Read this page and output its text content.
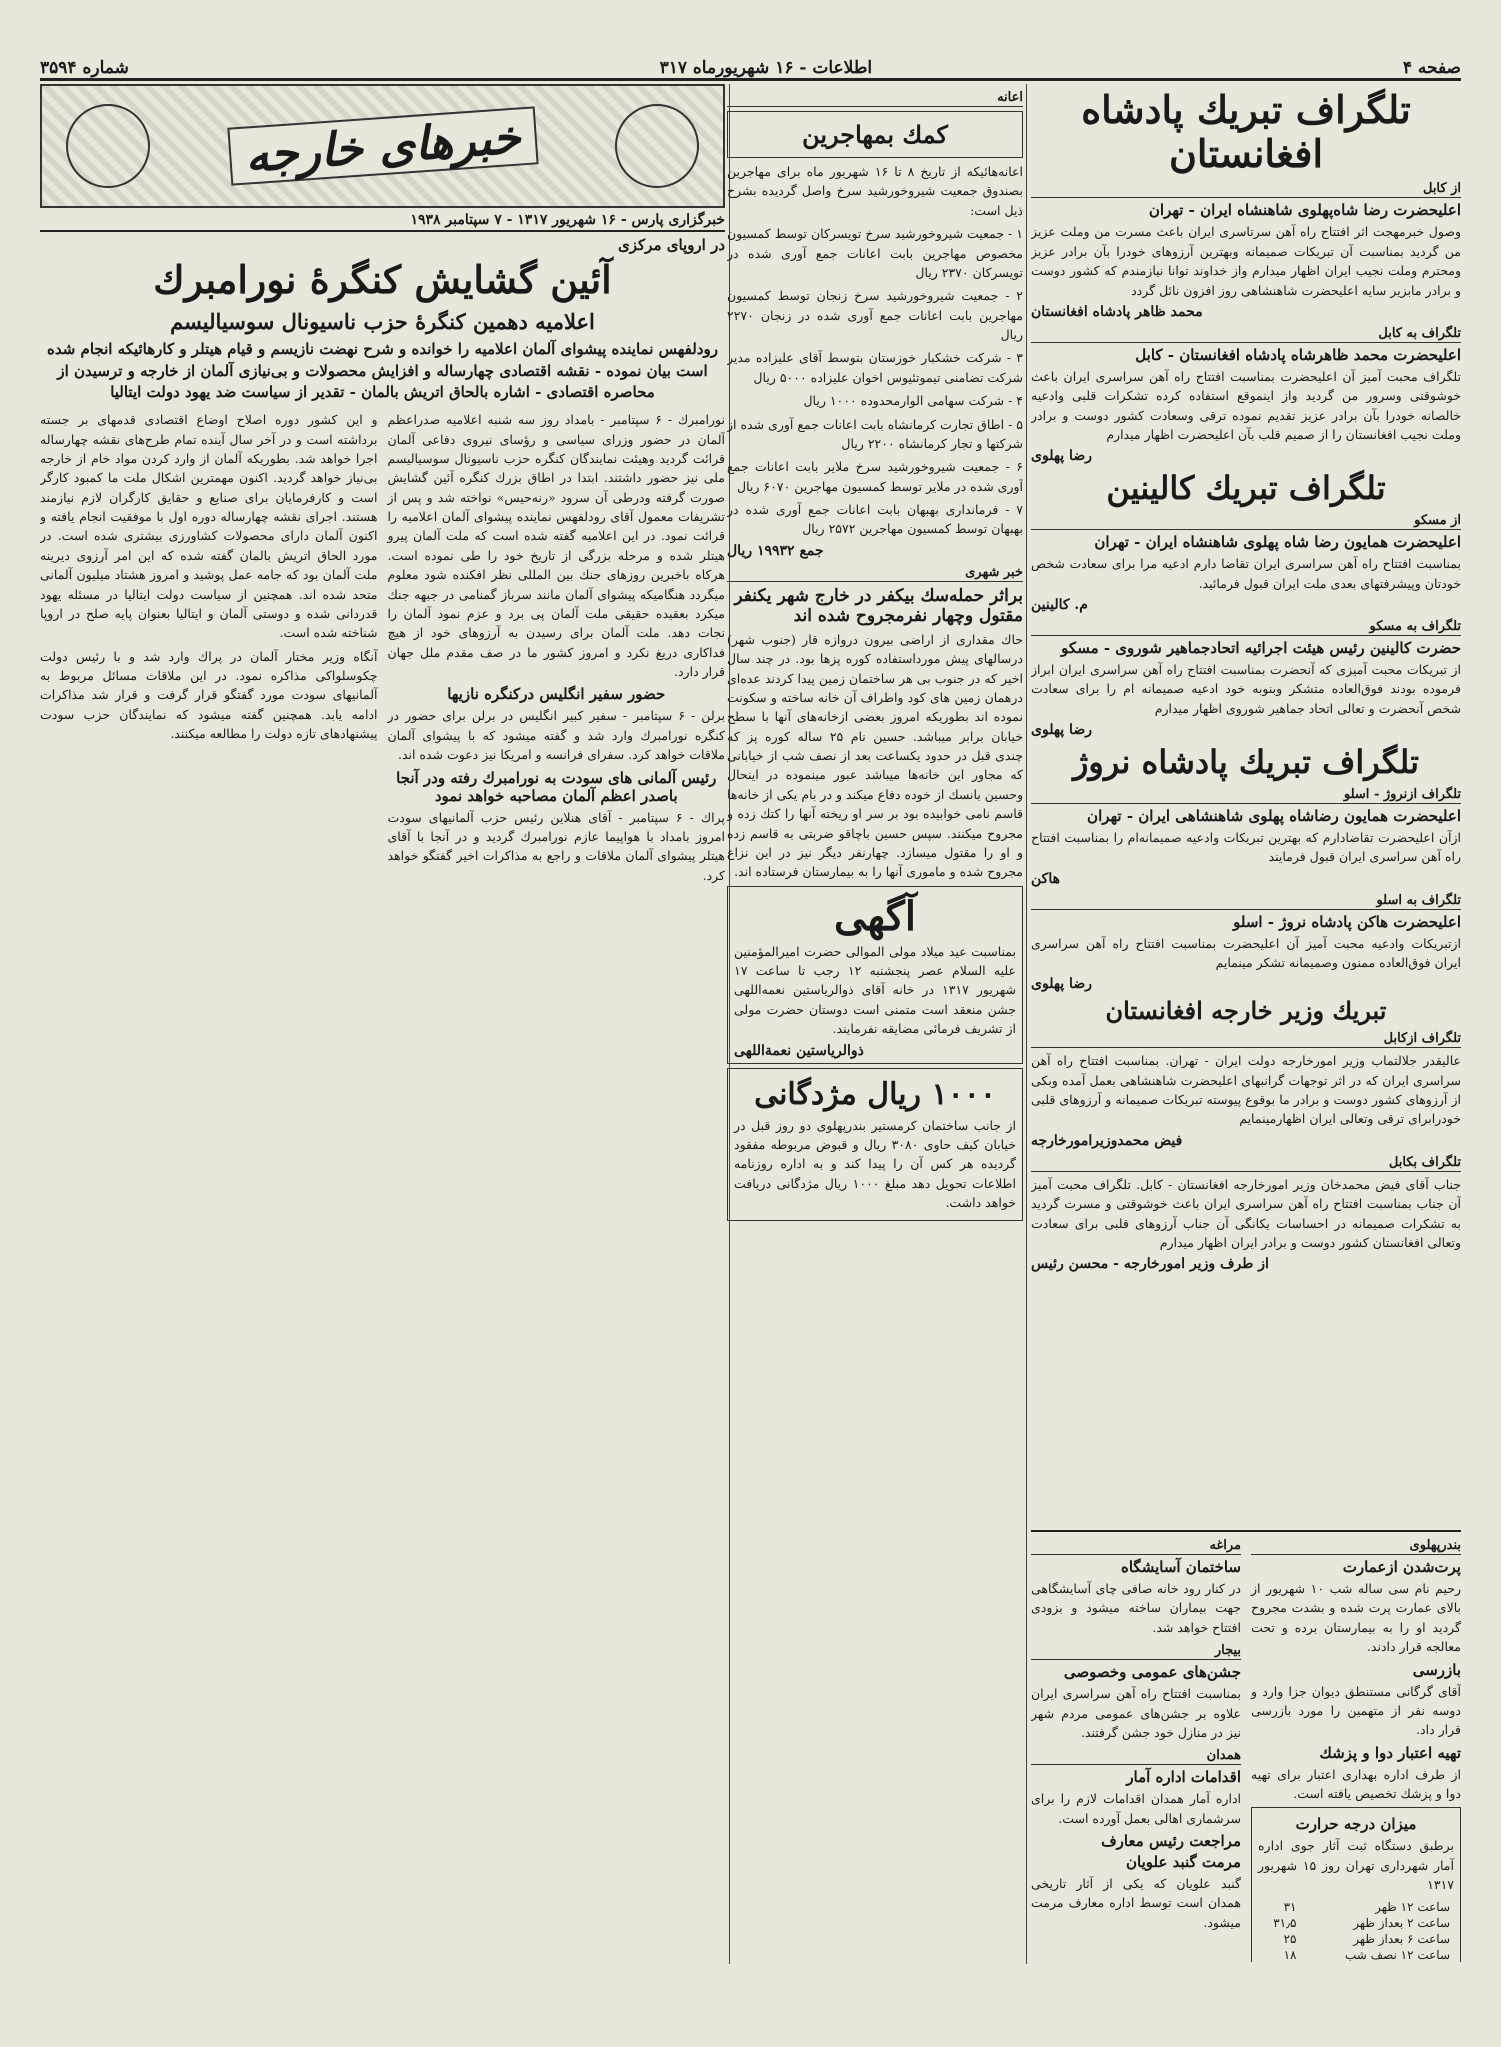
صفحه ۴
اطلاعات - ۱۶ شهریورماه ۳۱۷
شماره ۳۵۹۴
تلگراف تبریك پادشاه افغانستان
از کابل
اعلیحضرت رضا شاه‌پهلوی شاهنشاه ایران - تهران

وصول خبرمهجت اثر افتتاح راه آهن سرتاسری ایران باعث مسرت من وملت عزیز من گردید بمناسبت آن تبریکات صمیمانه وبهترین آرزوهای خودرا بآن برادر عزیز ومحترم وملت نجیب ایران اظهار میدارم واز خداوند توانا نیازمندم که کشور دوست و برادر مابزیر سایه اعلیحضرت شاهنشاهی روز افزون نائل گردد

محمد ظاهر پادشاه افغانستان
تلگراف به کابل
اعلیحضرت محمد ظاهرشاه پادشاه افغانستان - کابل

تلگراف محبت آمیز آن اعلیحضرت بمناسبت افتتاح راه آهن سراسری ایران باعث خوشوقتی وسرور من گردید واز اینموقع استفاده کرده تشکرات قلبی وادعیه خالصانه خودرا بآن برادر عزیز تقدیم نموده ترقی وسعادت کشور دوست و برادر وملت نجیب افغانستان را از صمیم قلب بآن اعلیحضرت اظهار میدارم

رضا پهلوی
تلگراف تبریك کالینین
از مسکو
اعلیحضرت همایون رضا شاه پهلوی شاهنشاه ایران - تهران

بمناسبت افتتاح راه آهن سراسری ایران تقاضا دارم ادعیه مرا برای سعادت شخص خودتان وپیشرفتهای بعدی ملت ایران قبول فرمائید.

م. کالینین
تلگراف به مسکو
حضرت کالینین رئیس هیئت اجرائیه اتحادجماهیر شوروی - مسکو

از تبریکات محبت آمیزی که آنحضرت بمناسبت افتتاح راه آهن سراسری ایران ابراز فرموده بودند فوق‌العاده متشکر وبنوبه خود ادعیه صمیمانه ام را برای سعادت شخص آنحضرت و تعالی اتحاد جماهیر شوروی اظهار میدارم

رضا پهلوی
تلگراف تبریك پادشاه نروژ
تلگراف ازنروژ - اسلو
اعلیحضرت همایون رضاشاه پهلوی شاهنشاهی ایران - تهران

ازآن اعلیحضرت تقاضادارم که بهترین تبریکات وادعیه صمیمانه‌ام را بمناسبت افتتاح راه آهن سراسری ایران قبول فرمایند

هاکن
تلگراف به اسلو
اعلیحضرت هاکن پادشاه نروژ - اسلو

ازتبریکات وادعیه محبت آمیز آن اعلیحضرت بمناسبت افتتاح راه آهن سراسری ایران فوق‌العاده ممنون وصمیمانه تشکر مینمایم

رضا پهلوی
تبریك وزیر خارجه افغانستان
تلگراف ازکابل

عالیقدر جلالتماب وزیر امورخارجه دولت ایران - تهران. بمناسبت افتتاح راه آهن سراسری ایران که در اثر توجهات گرانبهای اعلیحضرت شاهنشاهی بعمل آمده وبکی از آرزوهای کشور دوست و برادر ما بوقوع پیوسته تبریکات صمیمانه و آرزوهای قلبی خودرابرای ترقی وتعالی ایران اظهارمینمایم

فیض محمدوزیرامورخارجه
تلگراف بکابل

جناب آقای فیض محمدخان وزیر امورخارجه افغانستان - کابل. تلگراف محبت آمیز آن جناب بمناسبت افتتاح راه آهن سراسری ایران باعث خوشوقتی و مسرت گردید به تشکرات صمیمانه در احساسات یکانگی آن جناب آرزوهای قلبی برای سعادت وتعالی افغانستان کشور دوست و برادر ایران اظهار میدارم

از طرف وزیر امورخارجه - محسن رئیس
بندرپهلوی
پرت‌شدن ازعمارت

رحیم نام سی ساله شب ۱۰ شهریور از بالای عمارت پرت شده و بشدت مجروح گردید او را به بیمارستان برده و تحت معالجه قرار دادند.

بازرسی

آقای گرگانی مستنطق دیوان جزا وارد و دوسه نفر از متهمین را مورد بازرسی قرار داد.

تهیه اعتبار دوا و پزشك

از طرف اداره بهداری اعتبار برای تهیه دوا و پزشك تخصیص یافته است.

میزان درجه حرارت

برطبق دستگاه ثبت آثار جوی اداره آمار شهرداری تهران روز ۱۵ شهریور ۱۳۱۷

ساعت ۱۲ ظهر	۳۱
ساعت ۲ بعداز ظهر	۳۱٫۵
ساعت ۶ بعداز ظهر	۲۵
ساعت ۱۲ نصف شب	۱۸
مراغه
ساختمان آسایشگاه

در کنار رود خانه صافی چای آسایشگاهی جهت بیماران ساخته میشود و بزودی افتتاح خواهد شد.

بیجار
جشن‌های عمومی وخصوصی

بمناسبت افتتاح راه آهن سراسری ایران علاوه بر جشن‌های عمومی مردم شهر نیز در منازل خود جشن گرفتند.

همدان
اقدامات اداره آمار

اداره آمار همدان اقدامات لازم را برای سرشماری اهالی بعمل آورده است.

مراجعت رئیس معارف
مرمت گنبد علویان

گنبد علویان که یکی از آثار تاریخی همدان است توسط اداره معارف مرمت میشود.

اعانه
کمك بمهاجرین

اعانه‌هائیکه از تاریخ ۸ تا ۱۶ شهریور ماه برای مهاجرین بصندوق جمعیت شیروخورشید سرخ واصل گردیده بشرح ذیل است:

۱ - جمعیت شیروخورشید سرخ تویسرکان توسط کمسیون مخصوص مهاجرین بابت اعانات جمع آوری شده در تویسرکان ۲۳۷۰ ریال

۲ - جمعیت شیروخورشید سرخ زنجان توسط کمسیون مهاجرین بابت اعانات جمع آوری شده در زنجان ۲۲۷۰ ریال

۳ - شرکت خشکبار خوزستان بتوسط آقای علیزاده مدیر شرکت تضامنی تیموتئیوس اخوان علیزاده ۵۰۰۰ ریال

۴ - شرکت سهامی الوارمحدوده ۱۰۰۰ ریال

۵ - اطاق تجارت کرمانشاه بابت اعانات جمع آوری شده از شرکتها و تجار کرمانشاه ۲۲۰۰ ریال

۶ - جمعیت شیروخورشید سرخ ملایر بابت اعانات جمع آوری شده در ملایر توسط کمسیون مهاجرین ۶۰۷۰ ریال

۷ - فرمانداری بهبهان بابت اعانات جمع آوری شده در بهبهان توسط کمسیون مهاجرین ۲۵۷۲ ریال

جمع ۱۹۹۳۲ ریال
خبر شهری
براثر حمله‌سك بیكفر در خارج شهر یکنفر مقتول وچهار نفرمجروح شده اند

حاك مقداری از اراضی بیرون دروازه قار (جنوب شهر) درسالهای پیش مورداستفاده کوره پزها بود. در چند سال اخیر که در جنوب بی هر ساختمان زمین پیدا کردند عده‌ای درهمان زمین های کود واطراف آن خانه ساخته و سکونت نموده اند بطوریکه امروز بعضی ازخانه‌های آنها با سطح خیابان برابر میباشد. حسین نام ۲۵ ساله کوره پز که چندی قبل در حدود یکساعت بعد از نصف شب از خیابانی که مجاور این خانه‌ها میباشد عبور مینموده در اینحال وحسین بانسك از خوده دفاع میکند و در بام یکی از خانه‌ها قاسم نامی خوابیده بود بر سر او ریخته آنها را کتك زده و مجروح میکنند. سپس حسین باچاقو ضربتی به قاسم زده و او را مقتول میسازد. چهارنفر دیگر نیز در این نزاع مجروح شده و ماموری آنها را به بیمارستان فرستاده اند.

آگهی

بمناسبت عید میلاد مولی الموالی حضرت امیرالمؤمنین علیه السلام عصر پنجشنبه ۱۲ رجب تا ساعت ۱۷ شهریور ۱۳۱۷ در خانه آقای ذوالریاستین نعمه‌اللهی جشن منعقد است متمنی است دوستان حضرت مولی از تشریف فرمائی مضایقه نفرمایند.

ذوالریاستین نعمة‌اللهی
۱۰۰۰ ریال مژدگانی

از جانب ساختمان کرمستیر بندرپهلوی دو روز قبل در خیابان کیف حاوی ۳۰۸۰ ریال و قبوض مربوطه مفقود گردیده هر کس آن را پیدا کند و به اداره روزنامه اطلاعات تحویل دهد مبلغ ۱۰۰۰ ریال مژدگانی دریافت خواهد داشت.

خبرهای خارجه
خبرگزاری پارس - ۱۶ شهریور ۱۳۱۷ - ۷ سپتامبر ۱۹۳۸
در اروپای مرکزی
آئین گشایش کنگرهٔ نورامبرك
اعلامیه دهمین کنگرهٔ حزب ناسیونال سوسیالیسم
رودلفهس نماینده پیشوای آلمان اعلامیه را خوانده و شرح نهضت نازیسم و قیام هیتلر و کارهائیکه انجام شده است بیان نموده - نقشه اقتصادی چهارساله و افزایش محصولات و بی‌نیازی آلمان از خارجه و ترسیدن از محاصره اقتصادی - اشاره بالحاق اتریش بالمان - تقدیر از سیاست ضد یهود دولت ایتالیا

نورامبرك - ۶ سپتامبر - بامداد روز سه شنبه اعلامیه صدراعظم آلمان در حضور وزرای سیاسی و رؤسای نیروی دفاعی آلمان قرائت گردید وهیئت نمایندگان کنگره حزب ناسیونال سوسیالیسم ملی نیز حضور داشتند. ابتدا در اطاق بزرك کنگره آئین گشایش صورت گرفته ودرطی آن سرود «رنه‌حیس» نواخته شد و پس از تشریفات معمول آقای رودلفهس نماینده پیشوای آلمان اعلامیه را قرائت نمود. در این اعلامیه گفته شده است که ملت آلمان پیرو هیتلر شده و مرحله بزرگی از تاریخ خود را طی نموده است. هرکاه باخبرین روزهای جنك بین المللی نظر افکنده شود معلوم میگردد هنگامیکه پیشوای آلمان مانند سرباز گمنامی در جبهه جنك میکرد بعقیده حقیقی ملت آلمان پی برد و عزم نمود آلمان را نجات دهد. ملت آلمان برای رسیدن به آرزوهای خود از هیچ فداکاری دریغ نکرد و امروز کشور ما در صف مقدم ملل جهان قرار دارد.

حضور سفیر انگلیس درکنگره نازیها

برلن - ۶ سپتامبر - سفیر کبیر انگلیس در برلن برای حضور در کنگره نورامبرك وارد شد و گفته میشود که با پیشوای آلمان ملاقات خواهد کرد. سفرای فرانسه و امریکا نیز دعوت شده اند.

رئیس آلمانی های سودت به نورامبرك رفته ودر آنجا باصدر اعظم آلمان مصاحبه خواهد نمود

پراك - ۶ سپتامبر - آقای هنلاین رئیس حزب آلمانیهای سودت امروز بامداد با هواپیما عازم نورامبرك گردید و در آنجا با آقای هیتلر پیشوای آلمان ملاقات و راجع به مذاکرات اخیر گفتگو خواهد کرد.

و این کشور دوره اصلاح اوضاع اقتصادی قدمهای بر جسته برداشته است و در آخر سال آینده تمام طرح‌های نقشه چهارساله اجرا خواهد شد. بطوریکه آلمان از وارد کردن مواد خام از خارجه بی‌نیاز خواهد گردید. اکنون مهمترین اشکال ملت ما کمبود کارگر است و کارفرمایان برای صنایع و حقایق کارگران لازم نیازمند هستند. اجرای نقشه چهارساله دوره اول با موفقیت انجام یافته و اکنون آلمان دارای محصولات کشاورزی بیشتری شده است. در مورد الحاق اتریش بالمان گفته شده که این امر آرزوی دیرینه ملت آلمان بود که جامه عمل پوشید و امروز هشتاد میلیون آلمانی متحد شده اند. همچنین از سیاست دولت ایتالیا در مسئله یهود قدردانی شده و دوستی آلمان و ایتالیا بعنوان پایه صلح در اروپا شناخته شده است.

آنگاه وزیر مختار آلمان در پراك وارد شد و با رئیس دولت چکوسلواکی مذاکره نمود. در این ملاقات مسائل مربوط به آلمانیهای سودت مورد گفتگو قرار گرفت و قرار شد مذاکرات ادامه یابد. همچنین گفته میشود که نمایندگان حزب سودت پیشنهادهای تازه دولت را مطالعه میکنند.
